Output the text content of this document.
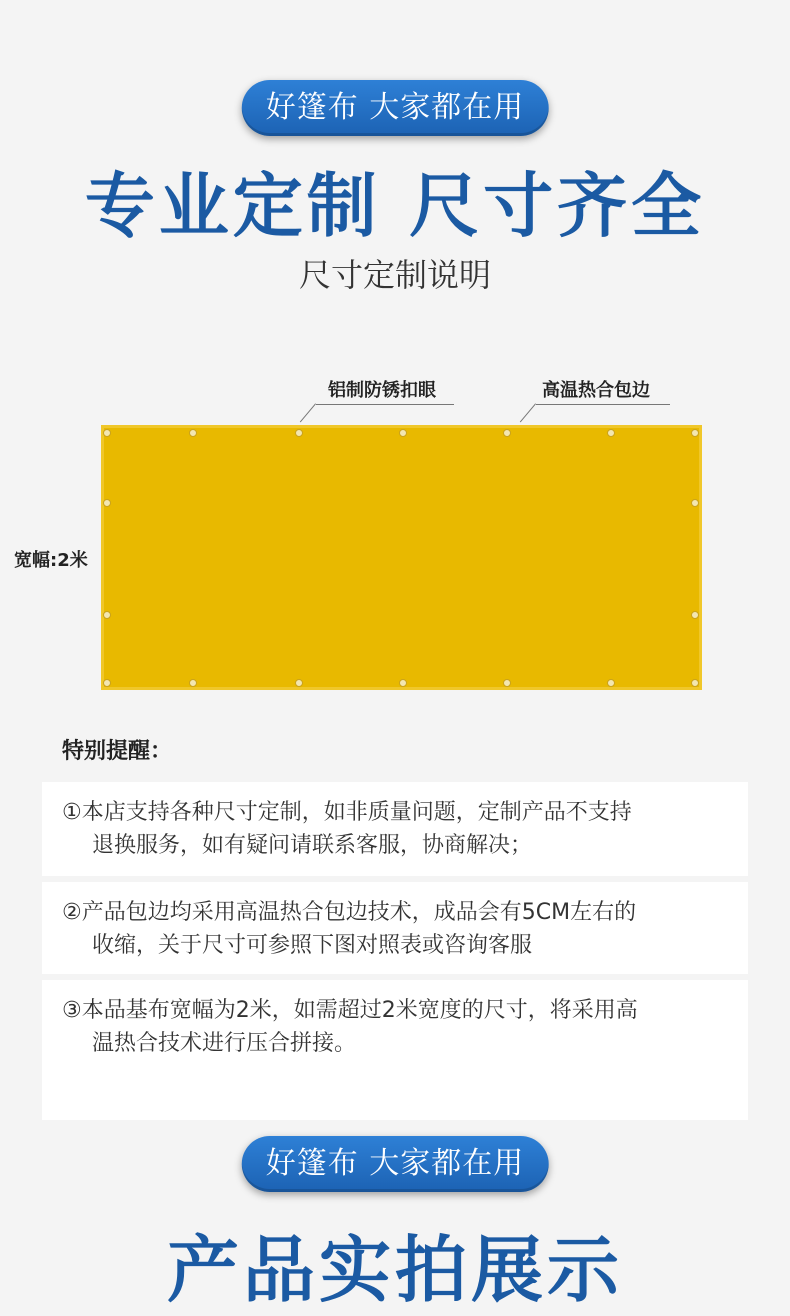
好篷布 大家都在用
专业定制 尺寸齐全
尺寸定制说明
铝制防锈扣眼	高温热合包边
宽幅:2米
特别提醒：

①本店支持各种尺寸定制，如非质量问题，定制产品不支持

退换服务，如有疑问请联系客服，协商解决；

②产品包边均采用高温热合包边技术，成品会有5CM左右的

收缩，关于尺寸可参照下图对照表或咨询客服

③本品基布宽幅为2米，如需超过2米宽度的尺寸，将采用高

温热合技术进行压合拼接。

好篷布 大家都在用
产品实拍展示
